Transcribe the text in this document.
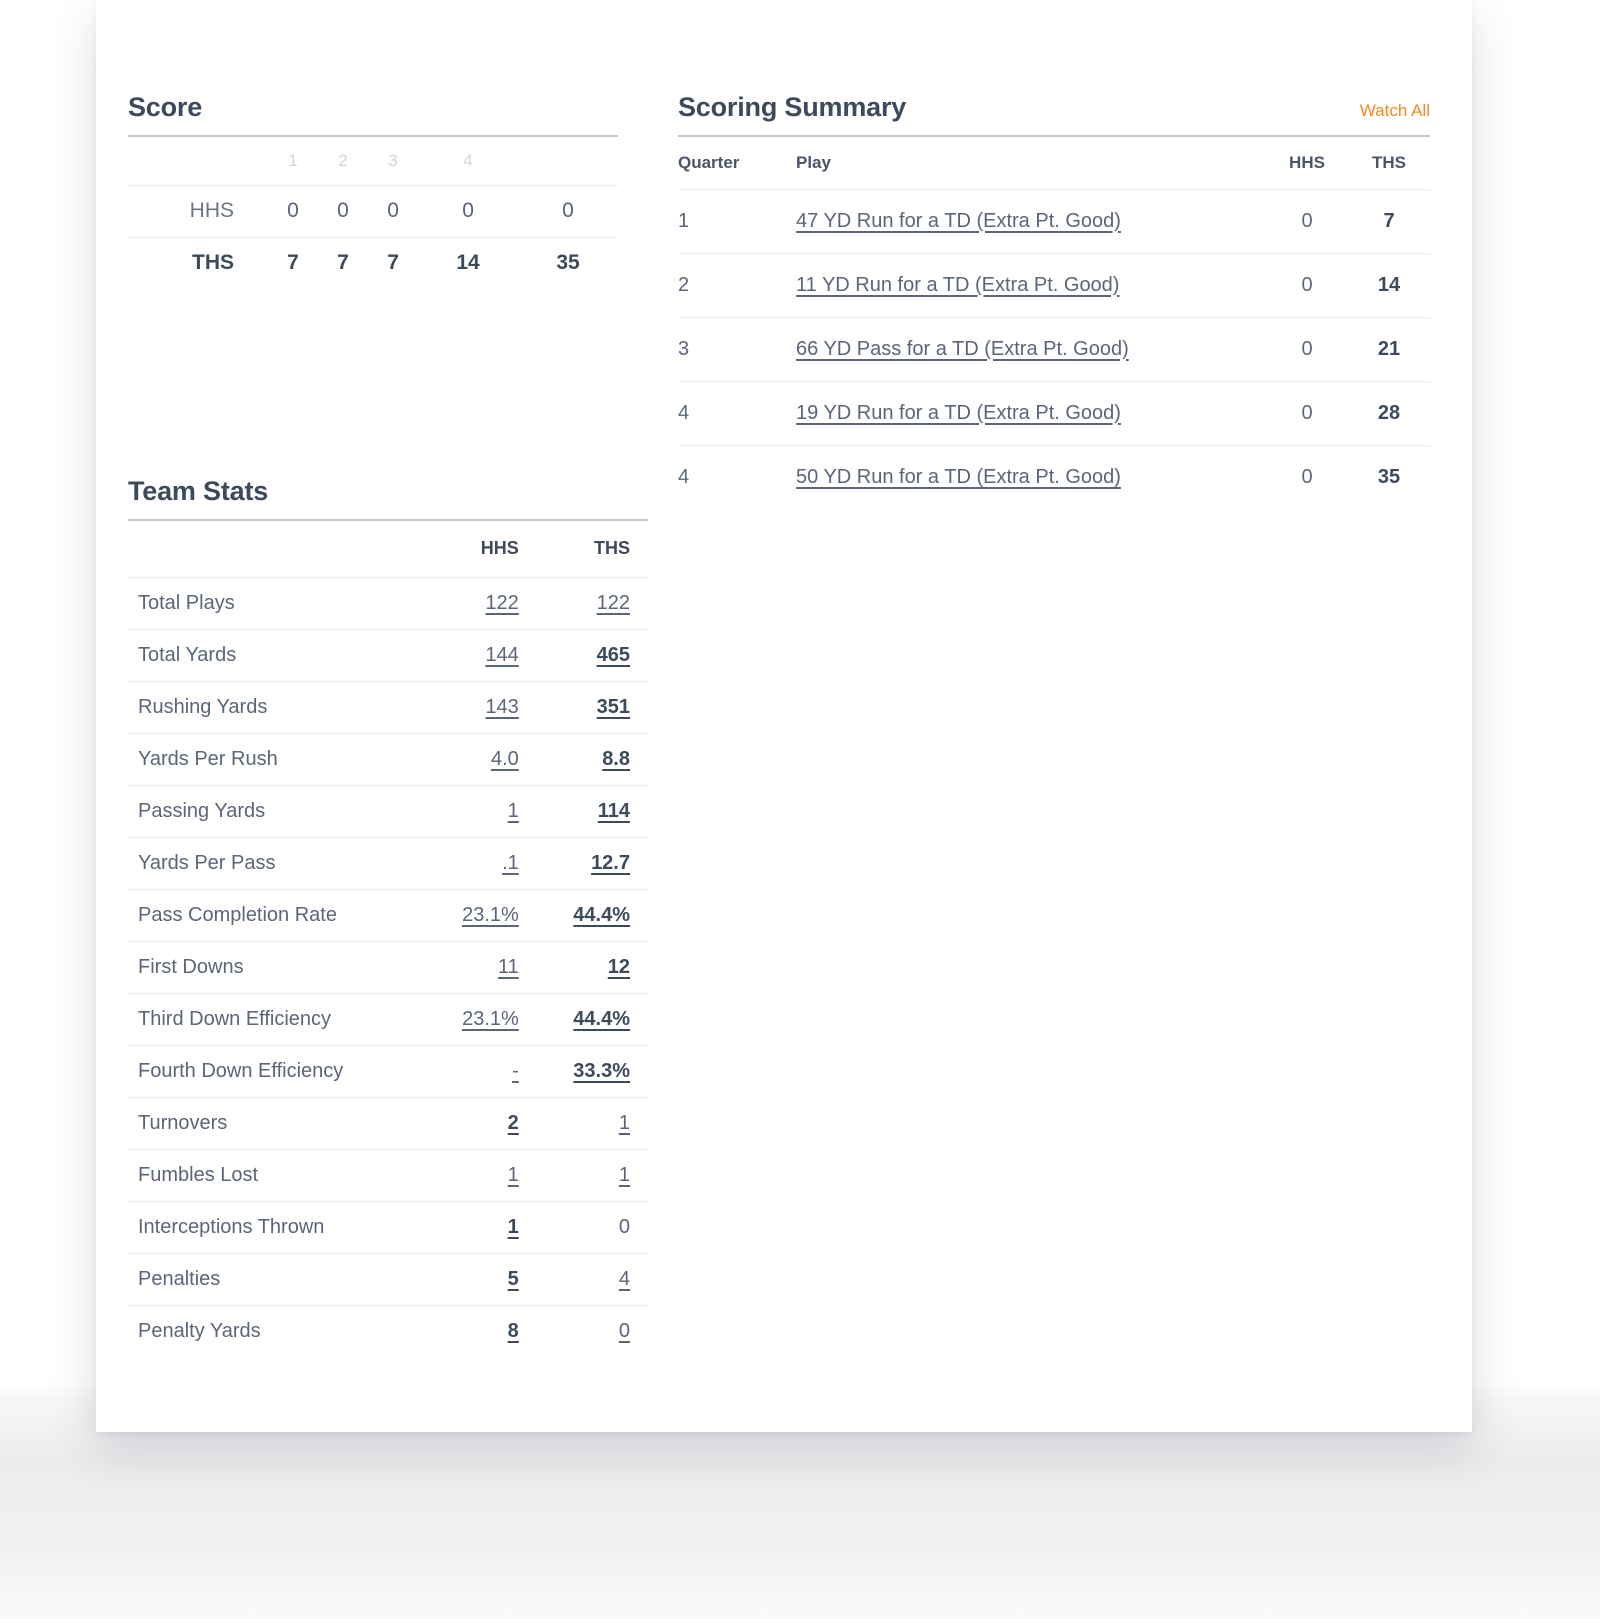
Score
	1	2	3	4	
HHS	0	0	0	0	0
THS	7	7	7	14	35
Scoring Summary	Watch All
Quarter	Play	HHS	THS
1	47 YD Run for a TD (Extra Pt. Good)	0	7
2	11 YD Run for a TD (Extra Pt. Good)	0	14
3	66 YD Pass for a TD (Extra Pt. Good)	0	21
4	19 YD Run for a TD (Extra Pt. Good)	0	28
4	50 YD Run for a TD (Extra Pt. Good)	0	35
Team Stats
	HHS	THS
Total Plays	122	122
Total Yards	144	465
Rushing Yards	143	351
Yards Per Rush	4.0	8.8
Passing Yards	1	114
Yards Per Pass	.1	12.7
Pass Completion Rate	23.1%	44.4%
First Downs	11	12
Third Down Efficiency	23.1%	44.4%
Fourth Down Efficiency	-	33.3%
Turnovers	2	1
Fumbles Lost	1	1
Interceptions Thrown	1	0
Penalties	5	4
Penalty Yards	8	0
